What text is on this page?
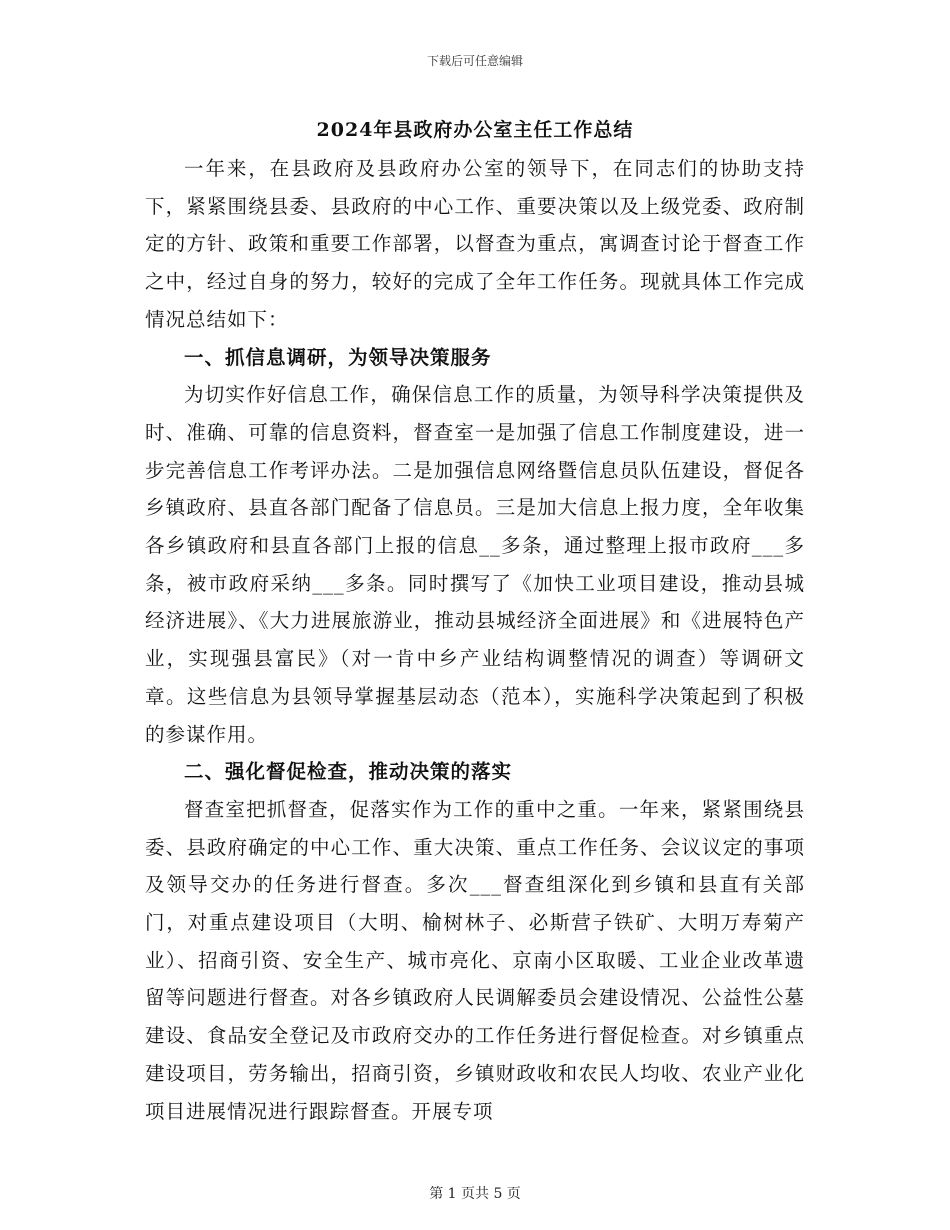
下载后可任意编辑
2024年县政府办公室主任工作总结

一年来，在县政府及县政府办公室的领导下，在同志们的协助支持下，紧紧围绕县委、县政府的中心工作、重要决策以及上级党委、政府制定的方针、政策和重要工作部署，以督查为重点，寓调查讨论于督查工作之中，经过自身的努力，较好的完成了全年工作任务。现就具体工作完成情况总结如下：

一、抓信息调研，为领导决策服务

为切实作好信息工作，确保信息工作的质量，为领导科学决策提供及时、准确、可靠的信息资料，督查室一是加强了信息工作制度建设，进一步完善信息工作考评办法。二是加强信息网络暨信息员队伍建设，督促各乡镇政府、县直各部门配备了信息员。三是加大信息上报力度，全年收集各乡镇政府和县直各部门上报的信息__多条，通过整理上报市政府___多条，被市政府采纳___多条。同时撰写了《加快工业项目建设，推动县城经济进展》、《大力进展旅游业，推动县城经济全面进展》和《进展特色产业，实现强县富民》（对一肯中乡产业结构调整情况的调查）等调研文章。这些信息为县领导掌握基层动态（范本），实施科学决策起到了积极的参谋作用。

二、强化督促检查，推动决策的落实

督查室把抓督查，促落实作为工作的重中之重。一年来，紧紧围绕县委、县政府确定的中心工作、重大决策、重点工作任务、会议议定的事项及领导交办的任务进行督查。多次___督查组深化到乡镇和县直有关部门，对重点建设项目（大明、榆树林子、必斯营子铁矿、大明万寿菊产业）、招商引资、安全生产、城市亮化、京南小区取暖、工业企业改革遗留等问题进行督查。对各乡镇政府人民调解委员会建设情况、公益性公墓建设、食品安全登记及市政府交办的工作任务进行督促检查。对乡镇重点建设项目，劳务输出，招商引资，乡镇财政收和农民人均收、农业产业化项目进展情况进行跟踪督查。开展专项

第 1 页共 5 页
